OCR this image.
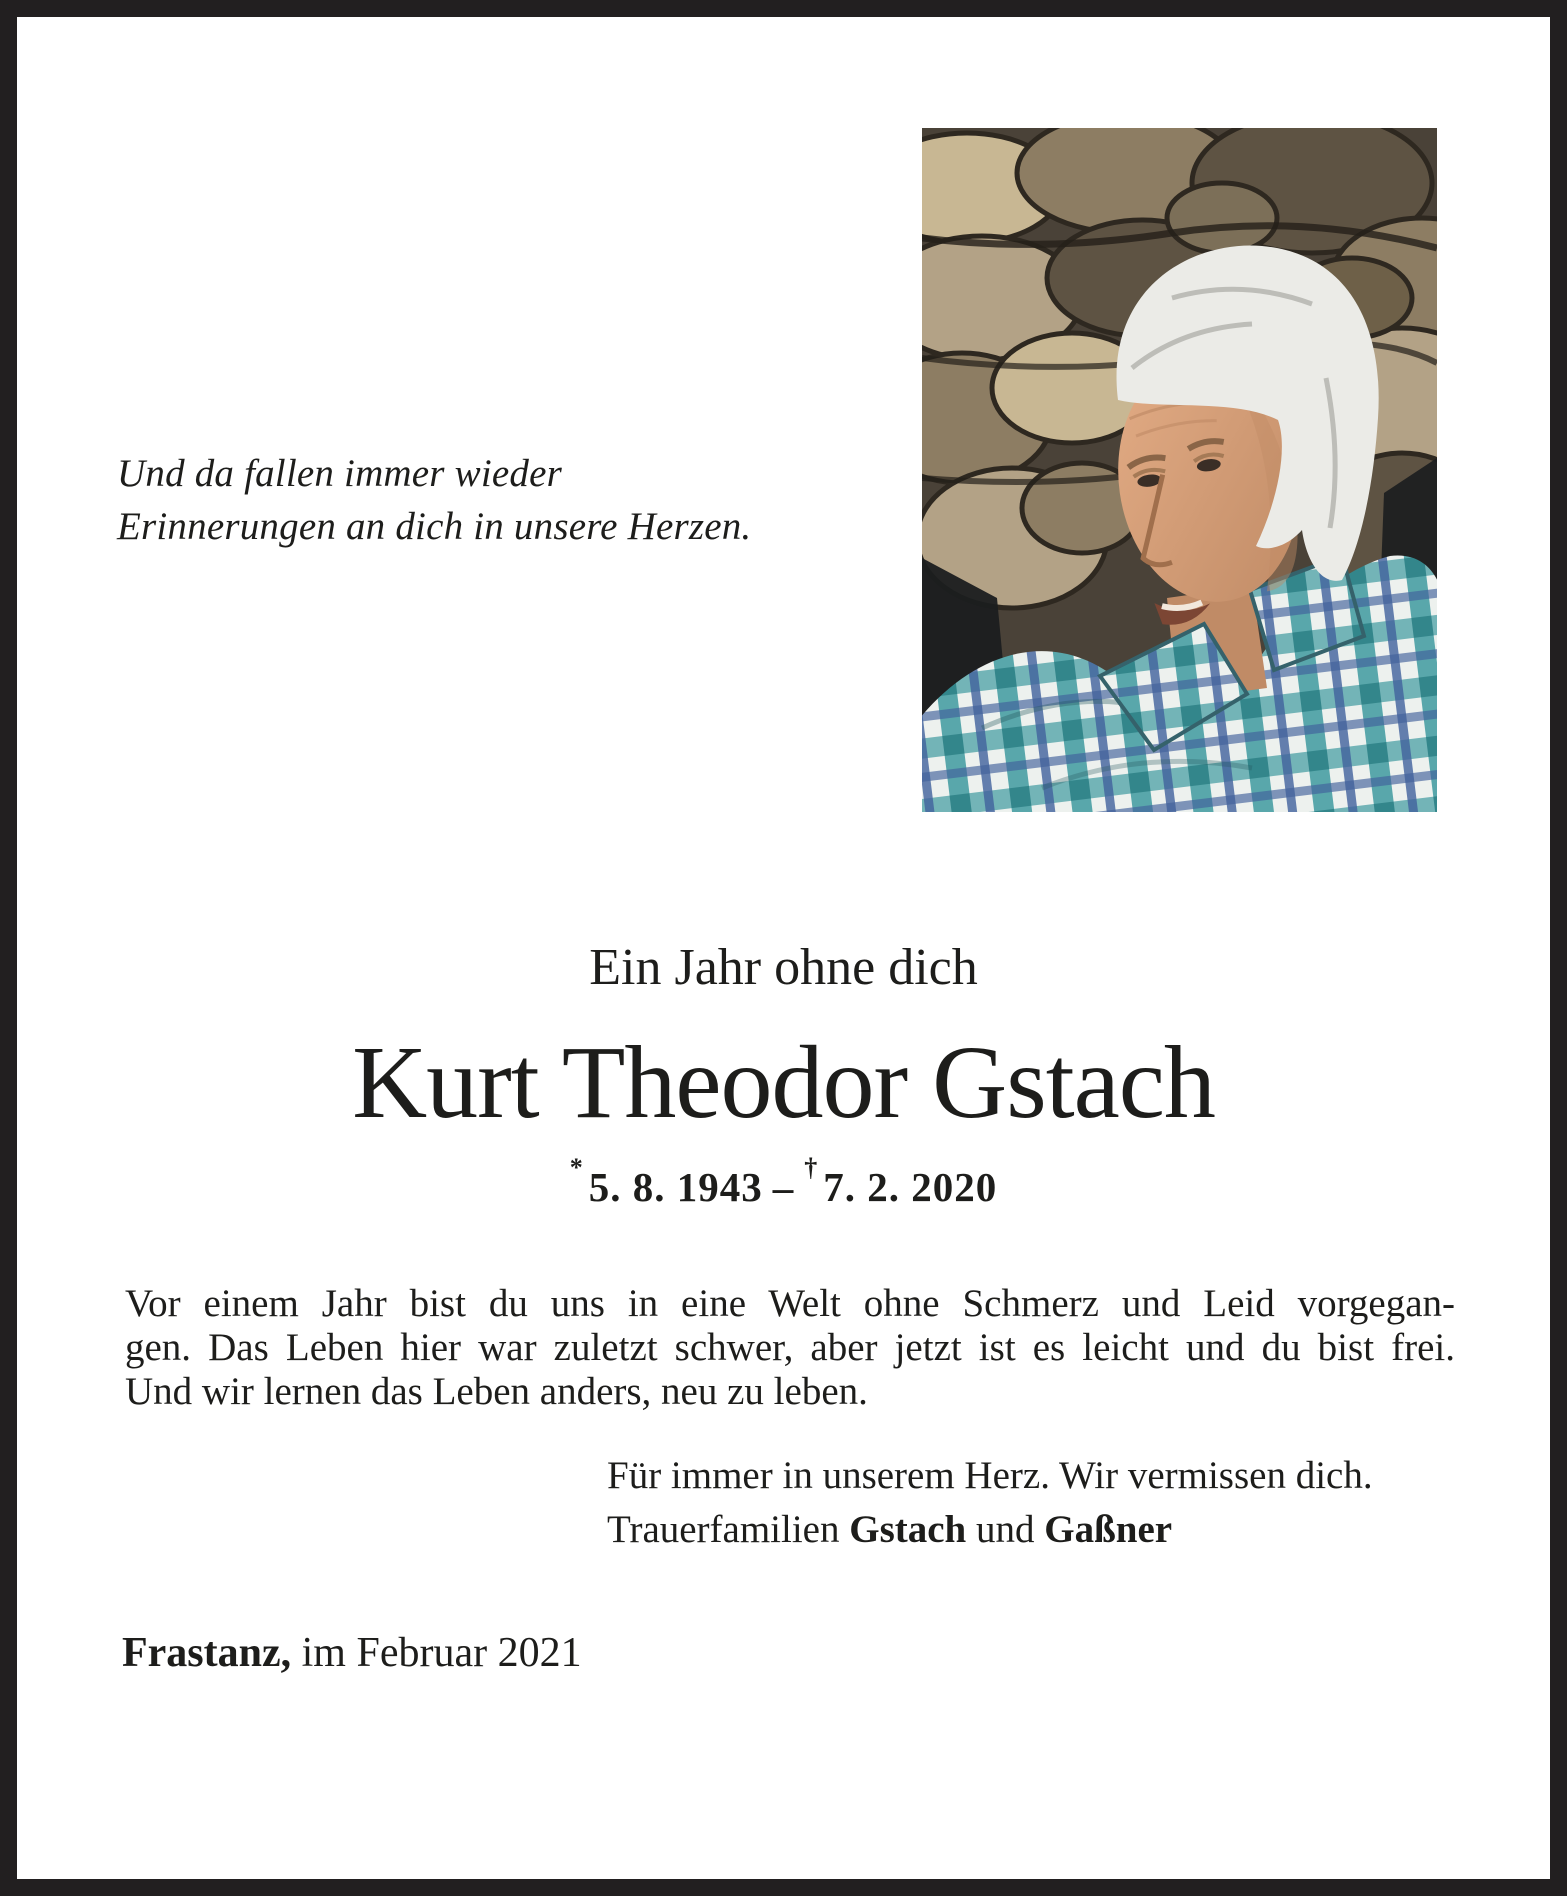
Und da fallen immer wieder
Erinnerungen an dich in unsere Herzen.
Ein Jahr ohne dich
Kurt Theodor Gstach
* 5. 8. 1943 – † 7. 2. 2020
Vor einem Jahr bist du uns in eine Welt ohne Schmerz und Leid vorgegan-
gen. Das Leben hier war zuletzt schwer, aber jetzt ist es leicht und du bist frei.
Und wir lernen das Leben anders, neu zu leben.
Für immer in unserem Herz. Wir vermissen dich.
Trauerfamilien Gstach und Gaßner
Frastanz, im Februar 2021
